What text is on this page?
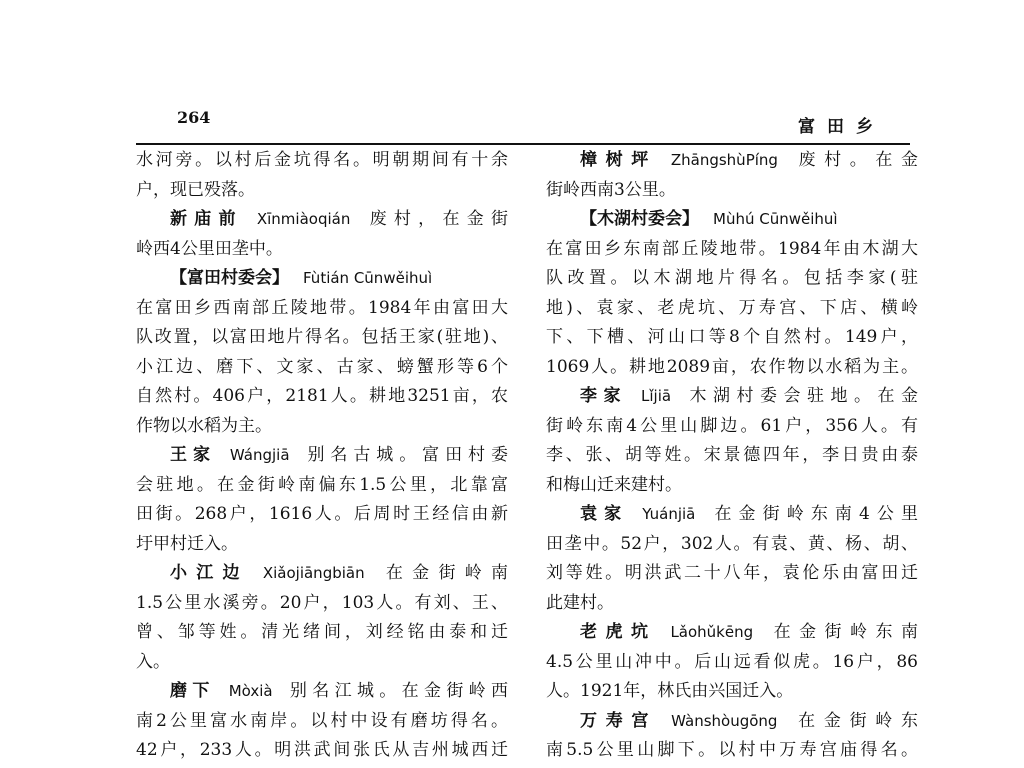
264	富田乡
水河旁。以村后金坑得名。明朝期间有十余
户，现已殁落。
新庙前 Xīnmiàoqián 废村，在金街
岭西4公里田垄中。
【富田村委会】 Fùtián Cūnwěihuì
在富田乡西南部丘陵地带。1984年由富田大
队改置，以富田地片得名。包括王家(驻地)、
小江边、磨下、文家、古家、螃蟹形等6个
自然村。406户，2181人。耕地3251亩，农
作物以水稻为主。
王家 Wángjiā 别名古城。富田村委
会驻地。在金街岭南偏东1.5公里，北靠富
田街。268户，1616人。后周时王经信由新
圩甲村迁入。
小江边 Xiǎojiāngbiān 在金街岭南
1.5公里水溪旁。20户，103人。有刘、王、
曾、邹等姓。清光绪间，刘经铭由泰和迁
入。
磨下 Mòxià 别名江城。在金街岭西
南2公里富水南岸。以村中设有磨坊得名。
42户，233人。明洪武间张氏从吉州城西迁
樟树坪 ZhāngshùPíng 废村。在金
街岭西南3公里。
【木湖村委会】 Mùhú Cūnwěihuì
在富田乡东南部丘陵地带。1984年由木湖大
队改置。以木湖地片得名。包括李家(驻
地)、袁家、老虎坑、万寿宫、下店、横岭
下、下槽、河山口等8个自然村。149户，
1069人。耕地2089亩，农作物以水稻为主。
李家 Lǐjiā 木湖村委会驻地。在金
街岭东南4公里山脚边。61户，356人。有
李、张、胡等姓。宋景德四年，李日贵由泰
和梅山迁来建村。
袁家 Yuánjiā 在金街岭东南4公里
田垄中。52户，302人。有袁、黄、杨、胡、
刘等姓。明洪武二十八年，袁伦乐由富田迁
此建村。
老虎坑 Lǎohǔkēng 在金街岭东南
4.5公里山冲中。后山远看似虎。16户，86
人。1921年，林氏由兴国迁入。
万寿宫 Wànshòugōng 在金街岭东
南5.5公里山脚下。以村中万寿宫庙得名。
